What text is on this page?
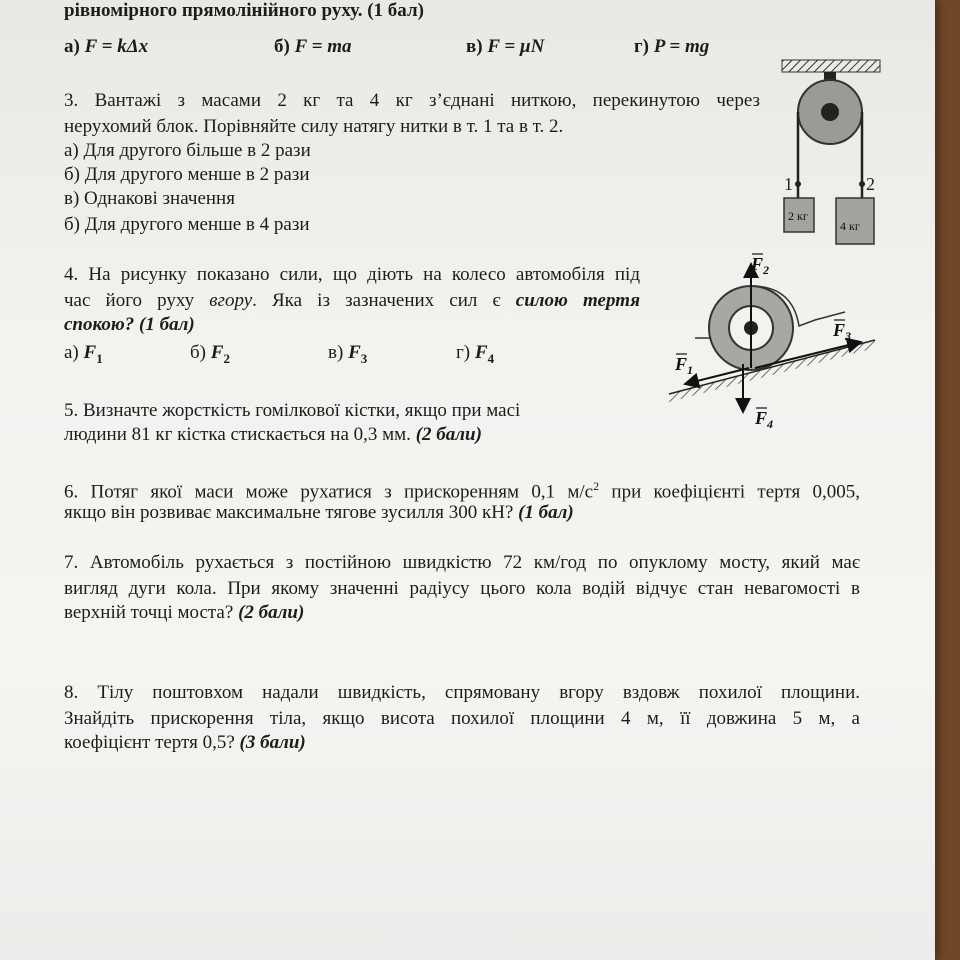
рівномірного прямолінійного руху. (1 бал)
а) F = kΔx	б) F = ma	в) F = μN	г) P = mg
3. Вантажі з масами 2 кг та 4 кг з’єднані ниткою, перекинутою через
нерухомий блок. Порівняйте силу натягу нитки в т. 1 та в т. 2.
а) Для другого більше в 2 рази
б) Для другого менше в 2 рази
в) Однакові значення
б) Для другого менше в 4 рази
1	2
2 кг
4 кг
4. На рисунку показано сили, що діють на колесо автомобіля під
час його руху вгору. Яка із зазначених сил є силою тертя
спокою? (1 бал)
а) $F_1$	б) $F_2$	в) $F_3$	г) $F_4$
$F_2$
$F_3$
$F_1$
$F_4$
5. Визначте жорсткість гомілкової кістки, якщо при масі
людини 81 кг кістка стискається на 0,3 мм. (2 бали)
6. Потяг якої маси може рухатися з прискоренням 0,1 $м/с^2$ при коефіцієнті тертя 0,005,
якщо він розвиває максимальне тягове зусилля 300 кН? (1 бал)
7. Автомобіль рухається з постійною швидкістю 72 км/год по опуклому мосту, який має
вигляд дуги кола. При якому значенні радіусу цього кола водій відчує стан невагомості в
верхній точці моста? (2 бали)
8. Тілу поштовхом надали швидкість, спрямовану вгору вздовж похилої площини.
Знайдіть прискорення тіла, якщо висота похилої площини 4 м, її довжина 5 м, а
коефіцієнт тертя 0,5? (3 бали)
